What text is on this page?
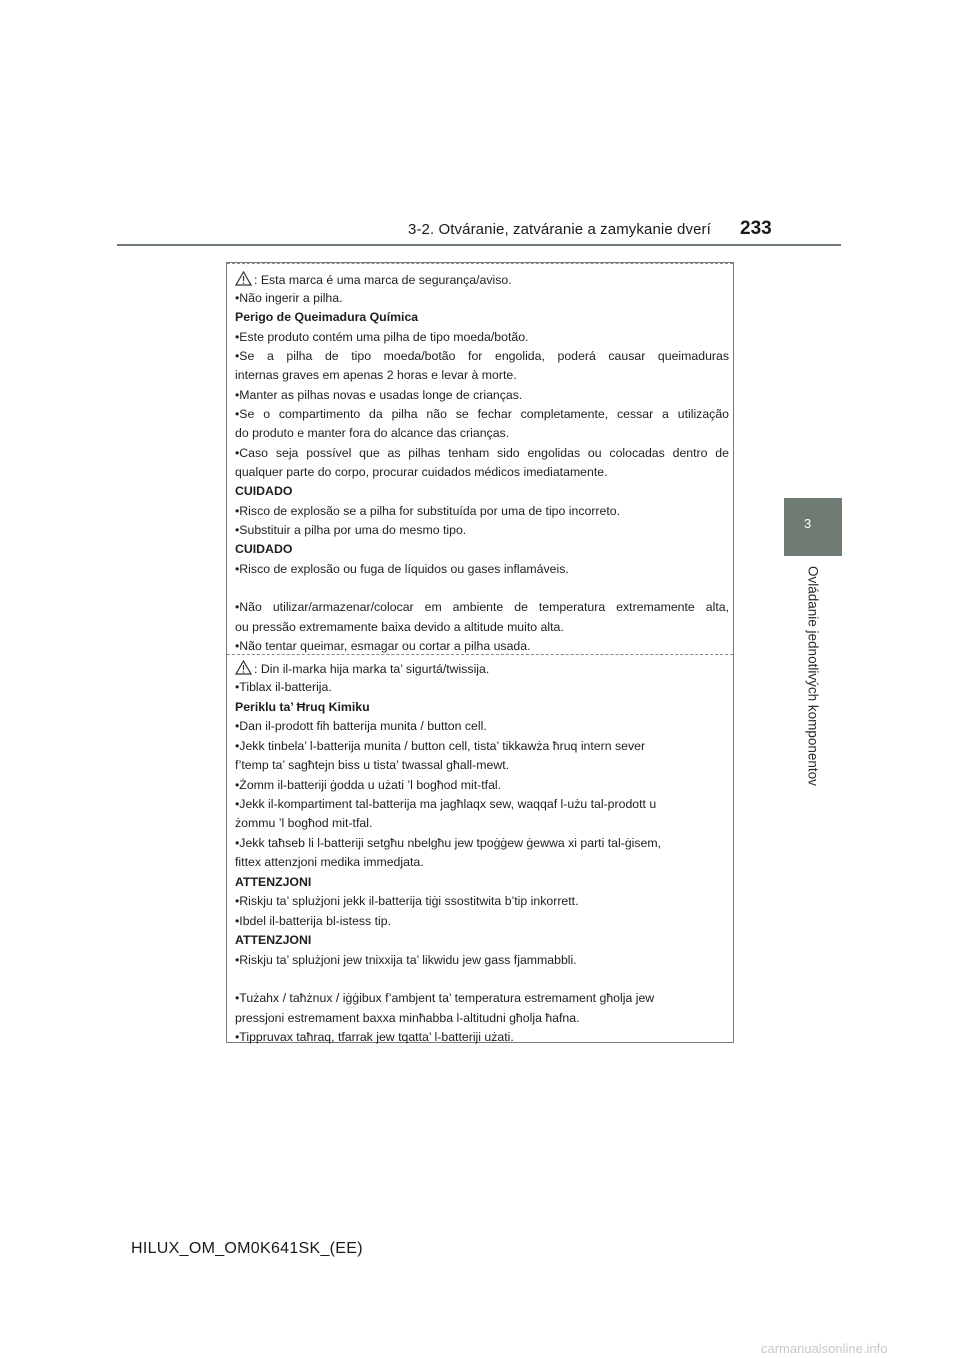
3-2. Otváranie, zatváranie a zamykanie dverí 233
3
Ovládanie jednotlivých komponentov
: Esta marca é uma marca de segurança/aviso.
•Não ingerir a pilha.
Perigo de Queimadura Química
•Este produto contém uma pilha de tipo moeda/botão.
•Se a pilha de tipo moeda/botão for engolida, poderá causar queimaduras
internas graves em apenas 2 horas e levar à morte.
•Manter as pilhas novas e usadas longe de crianças.
•Se o compartimento da pilha não se fechar completamente, cessar a utilização
do produto e manter fora do alcance das crianças.
•Caso seja possível que as pilhas tenham sido engolidas ou colocadas dentro de
qualquer parte do corpo, procurar cuidados médicos imediatamente.
CUIDADO
•Risco de explosão se a pilha for substituída por uma de tipo incorreto.
•Substituir a pilha por uma do mesmo tipo.
CUIDADO
•Risco de explosão ou fuga de líquidos ou gases inflamáveis.
•Não utilizar/armazenar/colocar em ambiente de temperatura extremamente alta,
ou pressão extremamente baixa devido a altitude muito alta.
•Não tentar queimar, esmagar ou cortar a pilha usada.
: Din il-marka hija marka ta’ sigurtá/twissija.
•Tiblax il-batterija.
Periklu ta’ Ħruq Kimiku
•Dan il-prodott fih batterija munita / button cell.
•Jekk tinbela’ l-batterija munita / button cell, tista’ tikkawża ħruq intern sever
f’temp ta’ sagħtejn biss u tista’ twassal għall-mewt.
•Żomm il-batteriji ġodda u użati ’l bogħod mit-tfal.
•Jekk il-kompartiment tal-batterija ma jagħlaqx sew, waqqaf l-użu tal-prodott u
żommu ’l bogħod mit-tfal.
•Jekk taħseb li l-batteriji setgħu nbelgħu jew tpoġġew ġewwa xi parti tal-ġisem,
fittex attenzjoni medika immedjata.
ATTENZJONI
•Riskju ta’ splużjoni jekk il-batterija tiġi ssostitwita b’tip inkorrett.
•Ibdel il-batterija bl-istess tip.
ATTENZJONI
•Riskju ta’ splużjoni jew tnixxija ta’ likwidu jew gass fjammabbli.
•Tużahx / taħżnux / iġġibux f’ambjent ta’ temperatura estremament għolja jew
pressjoni estremament baxxa minħabba l-altitudni għolja ħafna.
•Tippruvax taħraq, tfarrak jew tqatta’ l-batteriji użati.
HILUX_OM_OM0K641SK_(EE)
carmanualsonline.info
